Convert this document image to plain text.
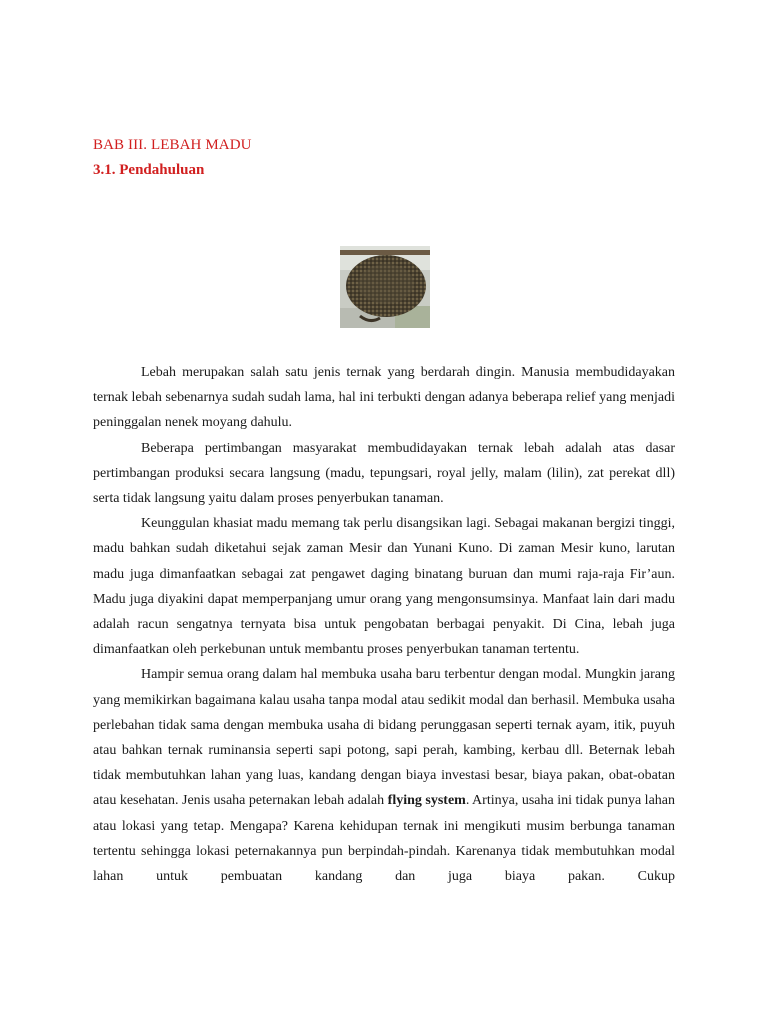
BAB III. LEBAH MADU
3.1. Pendahuluan

Lebah merupakan salah satu jenis ternak yang berdarah dingin. Manusia membudidayakan ternak lebah sebenarnya sudah sudah lama, hal ini terbukti dengan adanya beberapa relief yang menjadi peninggalan nenek moyang dahulu.

Beberapa pertimbangan masyarakat membudidayakan ternak lebah adalah atas dasar pertimbangan produksi secara langsung (madu, tepungsari, royal jelly, malam (lilin), zat perekat dll) serta tidak langsung yaitu dalam proses penyerbukan tanaman.

Keunggulan khasiat madu memang tak perlu disangsikan lagi. Sebagai makanan bergizi tinggi, madu bahkan sudah diketahui sejak zaman Mesir dan Yunani Kuno. Di zaman Mesir kuno, larutan madu juga dimanfaatkan sebagai zat pengawet daging binatang buruan dan mumi raja-raja Fir’aun. Madu juga diyakini dapat memperpanjang umur orang yang mengonsumsinya. Manfaat lain dari madu adalah racun sengatnya ternyata bisa untuk pengobatan berbagai penyakit. Di Cina, lebah juga dimanfaatkan oleh perkebunan untuk membantu proses penyerbukan tanaman tertentu.

Hampir semua orang dalam hal membuka usaha baru terbentur dengan modal. Mungkin jarang yang memikirkan bagaimana kalau usaha tanpa modal atau sedikit modal dan berhasil. Membuka usaha perlebahan tidak sama dengan membuka usaha di bidang perunggasan seperti ternak ayam, itik, puyuh atau bahkan ternak ruminansia seperti sapi potong, sapi perah, kambing, kerbau dll. Beternak lebah tidak membutuhkan lahan yang luas, kandang dengan biaya investasi besar, biaya pakan, obat-obatan atau kesehatan. Jenis usaha peternakan lebah adalah flying system. Artinya, usaha ini tidak punya lahan atau lokasi yang tetap. Mengapa? Karena kehidupan ternak ini mengikuti musim berbunga tanaman tertentu sehingga lokasi peternakannya pun berpindah-pindah. Karenanya tidak membutuhkan modal lahan untuk pembuatan kandang dan juga biaya pakan. Cukup
